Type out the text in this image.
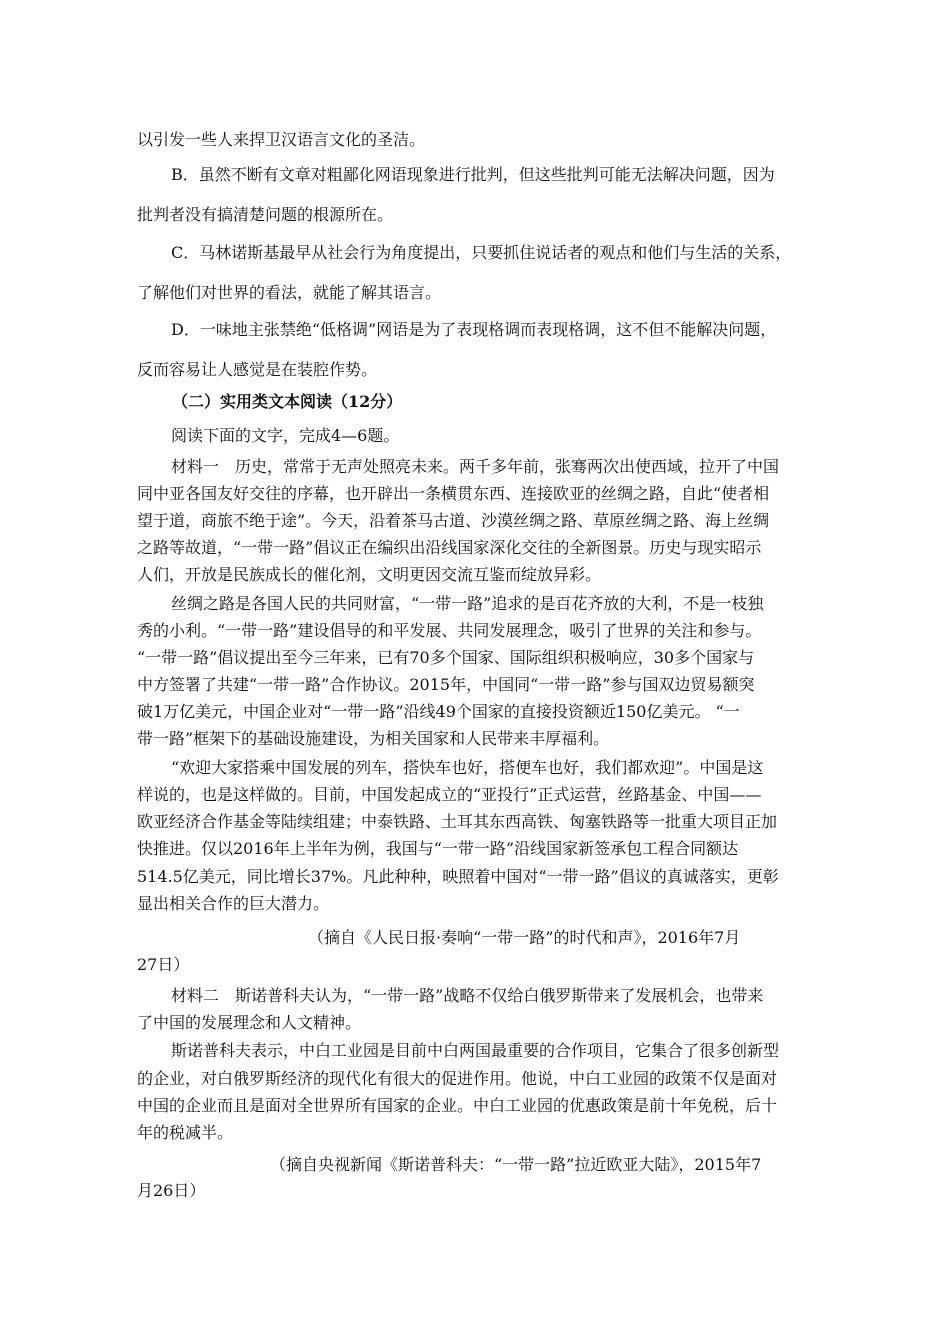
以引发一些人来捍卫汉语言文化的圣洁。
B．虽然不断有文章对粗鄙化网语现象进行批判，但这些批判可能无法解决问题，因为
批判者没有搞清楚问题的根源所在。
C．马林诺斯基最早从社会行为角度提出，只要抓住说话者的观点和他们与生活的关系，
了解他们对世界的看法，就能了解其语言。
D．一味地主张禁绝“低格调”网语是为了表现格调而表现格调，这不但不能解决问题，
反而容易让人感觉是在装腔作势。
（二）实用类文本阅读（12分）
阅读下面的文字，完成4—6题。
材料一　历史，常常于无声处照亮未来。两千多年前，张骞两次出使西域，拉开了中国
同中亚各国友好交往的序幕，也开辟出一条横贯东西、连接欧亚的丝绸之路，自此“使者相
望于道，商旅不绝于途”。今天，沿着茶马古道、沙漠丝绸之路、草原丝绸之路、海上丝绸
之路等故道，“一带一路”倡议正在编织出沿线国家深化交往的全新图景。历史与现实昭示
人们，开放是民族成长的催化剂，文明更因交流互鉴而绽放异彩。
丝绸之路是各国人民的共同财富，“一带一路”追求的是百花齐放的大利，不是一枝独
秀的小利。“一带一路”建设倡导的和平发展、共同发展理念，吸引了世界的关注和参与。
“一带一路”倡议提出至今三年来，已有70多个国家、国际组织积极响应，30多个国家与
中方签署了共建“一带一路”合作协议。2015年，中国同“一带一路”参与国双边贸易额突
破1万亿美元，中国企业对“一带一路”沿线49个国家的直接投资额近150亿美元。 “一
带一路”框架下的基础设施建设，为相关国家和人民带来丰厚福利。
“欢迎大家搭乘中国发展的列车，搭快车也好，搭便车也好，我们都欢迎”。中国是这
样说的，也是这样做的。目前，中国发起成立的“亚投行”正式运营，丝路基金、中国——
欧亚经济合作基金等陆续组建；中泰铁路、土耳其东西高铁、匈塞铁路等一批重大项目正加
快推进。仅以2016年上半年为例，我国与“一带一路”沿线国家新签承包工程合同额达
514.5亿美元，同比增长37%。凡此种种，映照着中国对“一带一路”倡议的真诚落实，更彰
显出相关合作的巨大潜力。
（摘自《人民日报·奏响“一带一路”的时代和声》，2016年7月
27日）
材料二　斯诺普科夫认为，“一带一路”战略不仅给白俄罗斯带来了发展机会，也带来
了中国的发展理念和人文精神。
斯诺普科夫表示，中白工业园是目前中白两国最重要的合作项目，它集合了很多创新型
的企业，对白俄罗斯经济的现代化有很大的促进作用。他说，中白工业园的政策不仅是面对
中国的企业而且是面对全世界所有国家的企业。中白工业园的优惠政策是前十年免税，后十
年的税减半。
（摘自央视新闻《斯诺普科夫：“一带一路”拉近欧亚大陆》，2015年7
月26日）
